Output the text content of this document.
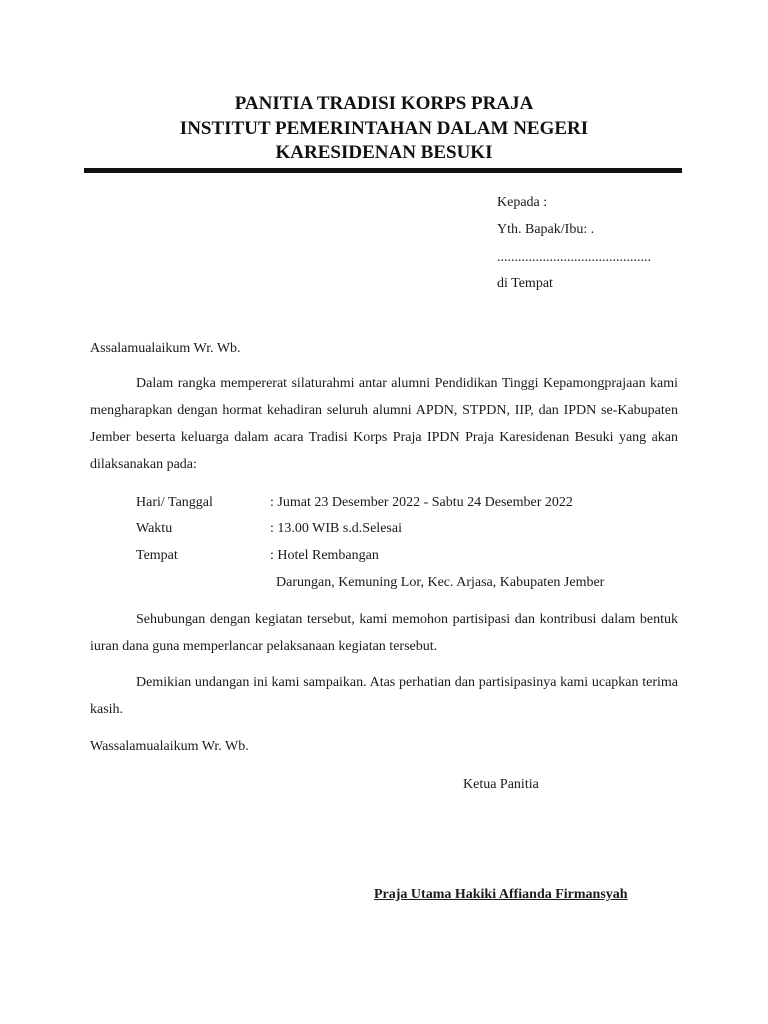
PANITIA TRADISI KORPS PRAJA
INSTITUT PEMERINTAHAN DALAM NEGERI
KARESIDENAN BESUKI
Kepada :
Yth. Bapak/Ibu: .
............................................
di Tempat
Assalamualaikum Wr. Wb.
Dalam rangka mempererat silaturahmi antar alumni Pendidikan Tinggi Kepamongprajaan kami mengharapkan dengan hormat kehadiran seluruh alumni APDN, STPDN, IIP, dan IPDN se-Kabupaten Jember beserta keluarga dalam acara Tradisi Korps Praja IPDN Praja Karesidenan Besuki yang akan dilaksanakan pada:
Hari/ Tanggal	: Jumat 23 Desember 2022 - Sabtu 24 Desember 2022
Waktu	: 13.00 WIB s.d.Selesai
Tempat	: Hotel Rembangan
Darungan, Kemuning Lor, Kec. Arjasa, Kabupaten Jember
Sehubungan dengan kegiatan tersebut, kami memohon partisipasi dan kontribusi dalam bentuk iuran dana guna memperlancar pelaksanaan kegiatan tersebut.
Demikian undangan ini kami sampaikan. Atas perhatian dan partisipasinya kami ucapkan terima kasih.
Wassalamualaikum Wr. Wb.
Ketua Panitia
Praja Utama Hakiki Affianda Firmansyah
